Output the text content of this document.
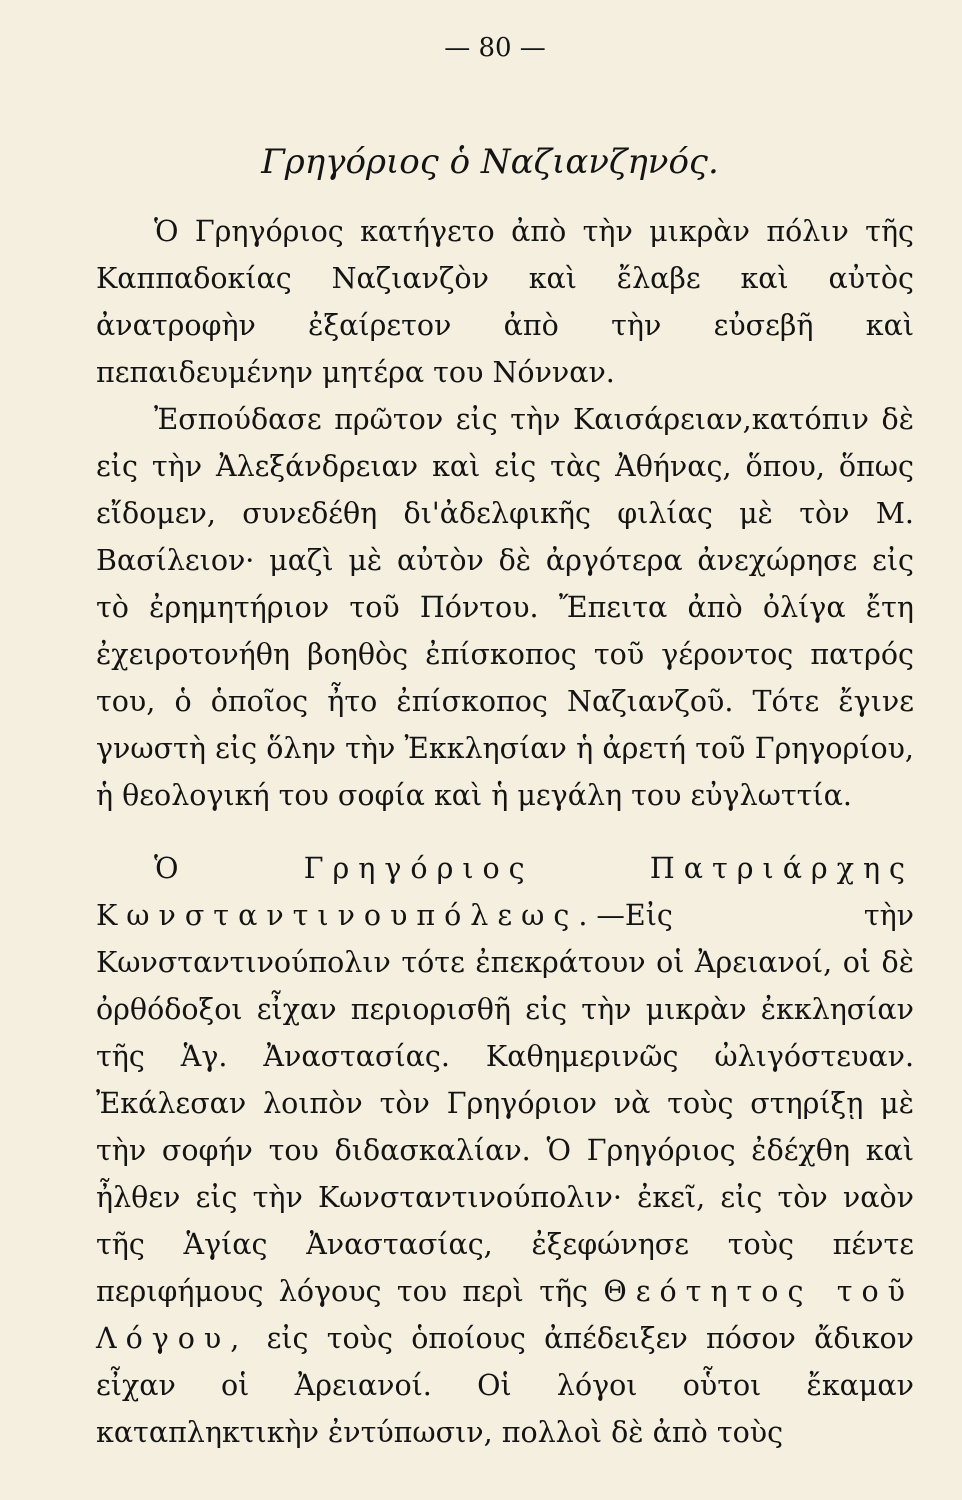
— 80 —
Γρηγόριος ὁ Ναζιανζηνός.

Ὁ Γρηγόριος κατήγετο ἀπὸ τὴν μικρὰν πόλιν τῆς Καππαδοκίας Ναζιανζὸν καὶ ἔλαβε καὶ αὐτὸς ἀνατροφὴν ἐξαίρετον ἀπὸ τὴν εὐσεβῆ καὶ πεπαιδευμένην μητέρα του Νόνναν.

Ἐσπούδασε πρῶτον εἰς τὴν Καισάρειαν,κατόπιν δὲ εἰς τὴν Ἀλεξάνδρειαν καὶ εἰς τὰς Ἀθήνας, ὅπου, ὅπως εἴδομεν, συνεδέθη δι'ἀδελφικῆς φιλίας μὲ τὸν Μ. Βασίλειον· μαζὶ μὲ αὐτὸν δὲ ἀργότερα ἀνεχώρησε εἰς τὸ ἐρημητήριον τοῦ Πόντου. Ἔπειτα ἀπὸ ὀλίγα ἔτη ἐχειροτονήθη βοηθὸς ἐπίσκοπος τοῦ γέροντος πατρός του, ὁ ὁποῖος ἦτο ἐπίσκοπος Ναζιανζοῦ. Τότε ἔγινε γνωστὴ εἰς ὅλην τὴν Ἐκκλησίαν ἡ ἀρετή τοῦ Γρηγορίου, ἡ θεολογική του σοφία καὶ ἡ μεγάλη του εὐγλωττία.

Ὁ Γρηγόριος Πατριάρχης Κωνσταντινουπόλεως.—Εἰς τὴν Κωνσταντινούπολιν τότε ἐπεκράτουν οἱ Ἀρειανοί, οἱ δὲ ὀρθόδοξοι εἶχαν περιορισθῆ εἰς τὴν μικρὰν ἐκκλησίαν τῆς Ἁγ. Ἀναστασίας. Καθημερινῶς ὠλιγόστευαν. Ἐκάλεσαν λοιπὸν τὸν Γρηγόριον νὰ τοὺς στηρίξῃ μὲ τὴν σοφήν του διδασκαλίαν. Ὁ Γρηγόριος ἐδέχθη καὶ ἦλθεν εἰς τὴν Κωνσταντινούπολιν· ἐκεῖ, εἰς τὸν ναὸν τῆς Ἁγίας Ἀναστασίας, ἐξεφώνησε τοὺς πέντε περιφήμους λόγους του περὶ τῆς Θεότητος τοῦ Λόγου, εἰς τοὺς ὁποίους ἀπέδειξεν πόσον ἄδικον εἶχαν οἱ Ἀρειανοί. Οἱ λόγοι οὗτοι ἔκαμαν καταπληκτικὴν ἐντύπωσιν, πολλοὶ δὲ ἀπὸ τοὺς
